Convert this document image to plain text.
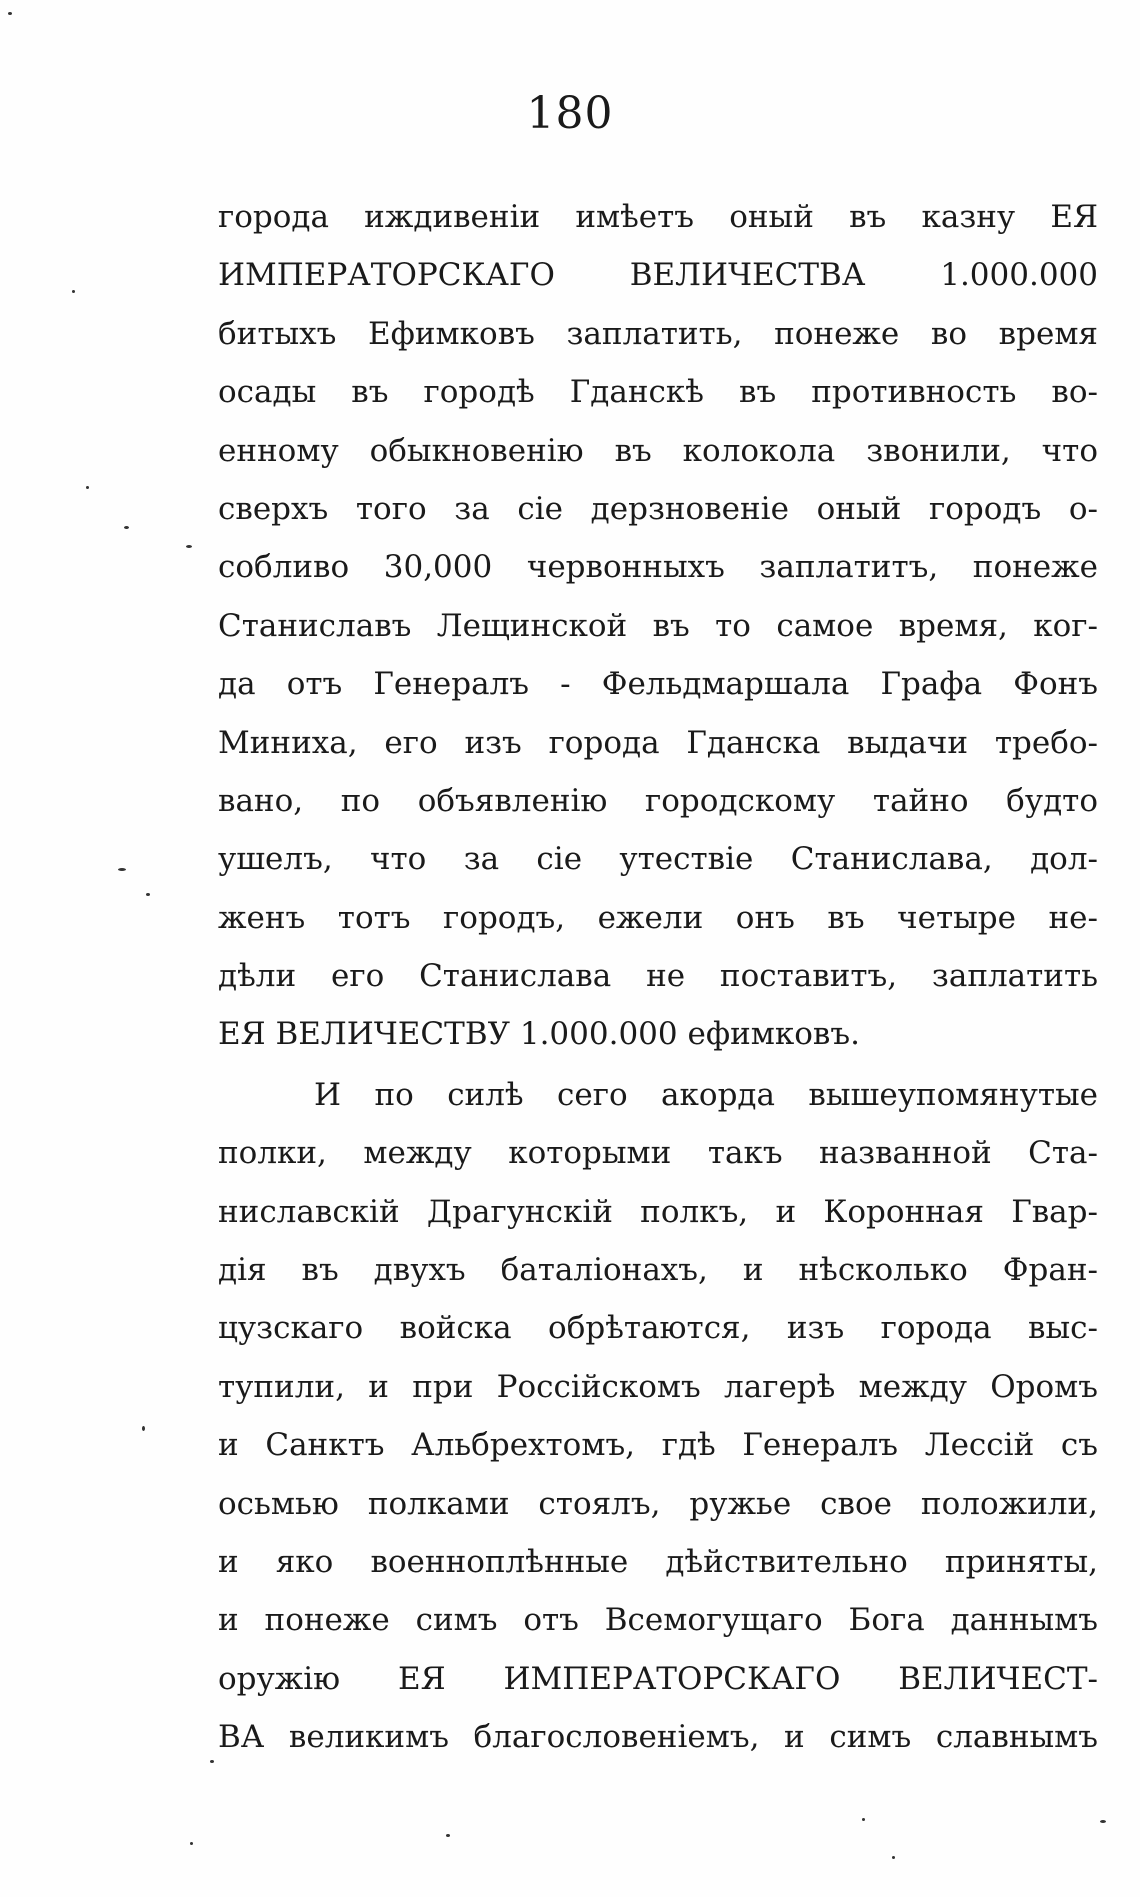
180
города иждивеніи имѣетъ оный въ казну ЕЯ
ИМПЕРАТОРСКАГО ВЕЛИЧЕСТВА 1.000.000
битыхъ Ефимковъ заплатить, понеже во время
осады въ городѣ Гданскѣ въ противность во-
енному обыкновенію въ колокола звонили, что
сверхъ того за сіе дерзновеніе оный городъ о-
собливо 30,000 червонныхъ заплатитъ, понеже
Станиславъ Лещинской въ то самое время, ког-
да отъ Генералъ - Фельдмаршала Графа Фонъ
Миниха, его изъ города Гданска выдачи требо-
вано, по объявленію городскому тайно будто
ушелъ, что за сіе утествіе Станислава, дол-
женъ тотъ городъ, ежели онъ въ четыре не-
дѣли его Станислава не поставитъ, заплатить
ЕЯ ВЕЛИЧЕСТВУ 1.000.000 ефимковъ.
И по силѣ сего акорда вышеупомянутые
полки, между которыми такъ названной Ста-
ниславскій Драгунскій полкъ, и Коронная Гвар-
дія въ двухъ баталіонахъ, и нѣсколько Фран-
цузскаго войска обрѣтаются, изъ города выс-
тупили, и при Россійскомъ лагерѣ между Оромъ
и Санктъ Альбрехтомъ, гдѣ Генералъ Лессій съ
осьмью полками стоялъ, ружье свое положили,
и яко военноплѣнные дѣйствительно приняты,
и понеже симъ отъ Всемогущаго Бога даннымъ
оружію ЕЯ ИМПЕРАТОРСКАГО ВЕЛИЧЕСТ-
ВА великимъ благословеніемъ, и симъ славнымъ
